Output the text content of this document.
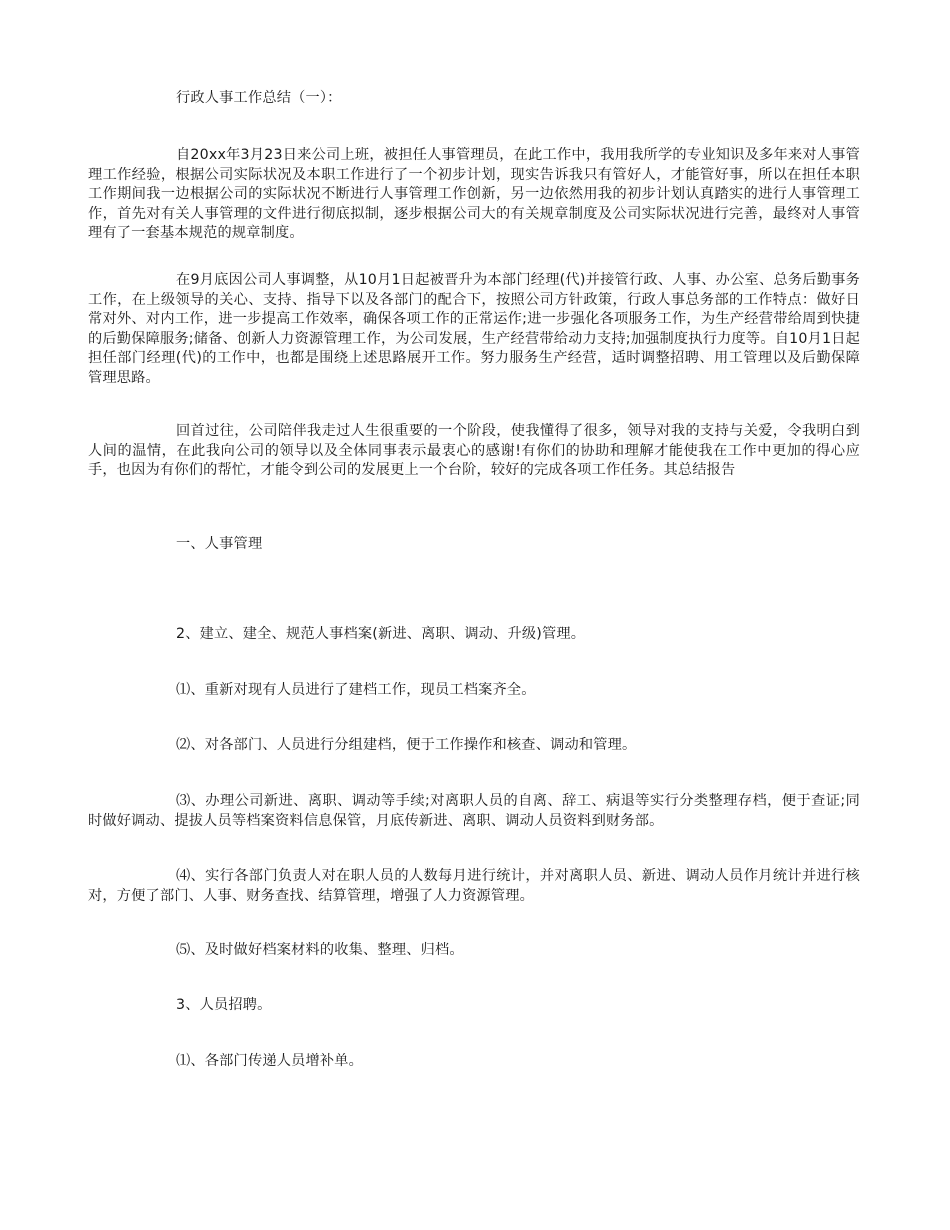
行政人事工作总结（一）：

自20xx年3月23日来公司上班，被担任人事管理员，在此工作中，我用我所学的专业知识及多年来对人事管理工作经验，根据公司实际状况及本职工作进行了一个初步计划，现实告诉我只有管好人，才能管好事，所以在担任本职工作期间我一边根据公司的实际状况不断进行人事管理工作创新，另一边依然用我的初步计划认真踏实的进行人事管理工作，首先对有关人事管理的文件进行彻底拟制，逐步根据公司大的有关规章制度及公司实际状况进行完善，最终对人事管理有了一套基本规范的规章制度。

在9月底因公司人事调整，从10月1日起被晋升为本部门经理(代)并接管行政、人事、办公室、总务后勤事务工作，在上级领导的关心、支持、指导下以及各部门的配合下，按照公司方针政策，行政人事总务部的工作特点：做好日常对外、对内工作，进一步提高工作效率，确保各项工作的正常运作;进一步强化各项服务工作，为生产经营带给周到快捷的后勤保障服务;储备、创新人力资源管理工作，为公司发展，生产经营带给动力支持;加强制度执行力度等。自10月1日起担任部门经理(代)的工作中，也都是围绕上述思路展开工作。努力服务生产经营，适时调整招聘、用工管理以及后勤保障管理思路。

回首过往，公司陪伴我走过人生很重要的一个阶段，使我懂得了很多，领导对我的支持与关爱，令我明白到人间的温情，在此我向公司的领导以及全体同事表示最衷心的感谢!有你们的协助和理解才能使我在工作中更加的得心应手，也因为有你们的帮忙，才能令到公司的发展更上一个台阶，较好的完成各项工作任务。其总结报告

一、人事管理

2、建立、建全、规范人事档案(新进、离职、调动、升级)管理。

⑴、重新对现有人员进行了建档工作，现员工档案齐全。

⑵、对各部门、人员进行分组建档，便于工作操作和核查、调动和管理。

⑶、办理公司新进、离职、调动等手续;对离职人员的自离、辞工、病退等实行分类整理存档，便于查证;同时做好调动、提拔人员等档案资料信息保管，月底传新进、离职、调动人员资料到财务部。

⑷、实行各部门负责人对在职人员的人数每月进行统计，并对离职人员、新进、调动人员作月统计并进行核对，方便了部门、人事、财务查找、结算管理，增强了人力资源管理。

⑸、及时做好档案材料的收集、整理、归档。

3、人员招聘。

⑴、各部门传递人员增补单。
